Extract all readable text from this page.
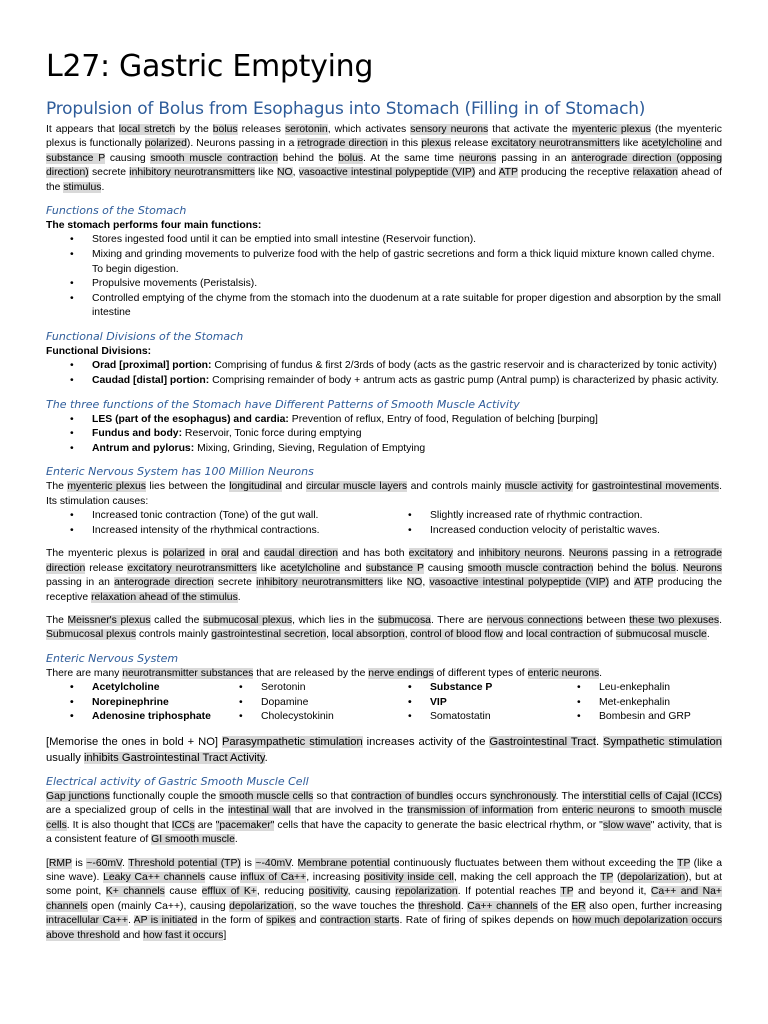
L27: Gastric Emptying
Propulsion of Bolus from Esophagus into Stomach (Filling in of Stomach)

It appears that local stretch by the bolus releases serotonin, which activates sensory neurons that activate the myenteric plexus (the myenteric plexus is functionally polarized). Neurons passing in a retrograde direction in this plexus release excitatory neurotransmitters like acetylcholine and substance P causing smooth muscle contraction behind the bolus. At the same time neurons passing in an anterograde direction (opposing direction) secrete inhibitory neurotransmitters like NO, vasoactive intestinal polypeptide (VIP) and ATP producing the receptive relaxation ahead of the stimulus.

Functions of the Stomach
The stomach performs four main functions:
• Stores ingested food until it can be emptied into small intestine (Reservoir function).
• Mixing and grinding movements to pulverize food with the help of gastric secretions and form a thick liquid mixture known called chyme. To begin digestion.
• Propulsive movements (Peristalsis).
• Controlled emptying of the chyme from the stomach into the duodenum at a rate suitable for proper digestion and absorption by the small intestine
Functional Divisions of the Stomach
Functional Divisions:
• Orad [proximal] portion: Comprising of fundus & first 2/3rds of body (acts as the gastric reservoir and is characterized by tonic activity)
• Caudad [distal] portion: Comprising remainder of body + antrum acts as gastric pump (Antral pump) is characterized by phasic activity.
The three functions of the Stomach have Different Patterns of Smooth Muscle Activity
• LES (part of the esophagus) and cardia: Prevention of reflux, Entry of food, Regulation of belching [burping]
• Fundus and body: Reservoir, Tonic force during emptying
• Antrum and pylorus: Mixing, Grinding, Sieving, Regulation of Emptying
Enteric Nervous System has 100 Million Neurons

The myenteric plexus lies between the longitudinal and circular muscle layers and controls mainly muscle activity for gastrointestinal movements. Its stimulation causes:

• Increased tonic contraction (Tone) of the gut wall.
• Increased intensity of the rhythmical contractions.
• Slightly increased rate of rhythmic contraction.
• Increased conduction velocity of peristaltic waves.

The myenteric plexus is polarized in oral and caudal direction and has both excitatory and inhibitory neurons. Neurons passing in a retrograde direction release excitatory neurotransmitters like acetylcholine and substance P causing smooth muscle contraction behind the bolus. Neurons passing in an anterograde direction secrete inhibitory neurotransmitters like NO, vasoactive intestinal polypeptide (VIP) and ATP producing the receptive relaxation ahead of the stimulus.

The Meissner's plexus called the submucosal plexus, which lies in the submucosa. There are nervous connections between these two plexuses. Submucosal plexus controls mainly gastrointestinal secretion, local absorption, control of blood flow and local contraction of submucosal muscle.

Enteric Nervous System

There are many neurotransmitter substances that are released by the nerve endings of different types of enteric neurons.

• Acetylcholine
• Norepinephrine
• Adenosine triphosphate
• Serotonin
• Dopamine
• Cholecystokinin
• Substance P
• VIP
• Somatostatin
• Leu-enkephalin
• Met-enkephalin
• Bombesin and GRP

[Memorise the ones in bold + NO] Parasympathetic stimulation increases activity of the Gastrointestinal Tract. Sympathetic stimulation usually inhibits Gastrointestinal Tract Activity.

Electrical activity of Gastric Smooth Muscle Cell

Gap junctions functionally couple the smooth muscle cells so that contraction of bundles occurs synchronously. The interstitial cells of Cajal (ICCs) are a specialized group of cells in the intestinal wall that are involved in the transmission of information from enteric neurons to smooth muscle cells. It is also thought that ICCs are "pacemaker" cells that have the capacity to generate the basic electrical rhythm, or "slow wave" activity, that is a consistent feature of GI smooth muscle.

[RMP is ~-60mV. Threshold potential (TP) is ~-40mV. Membrane potential continuously fluctuates between them without exceeding the TP (like a sine wave). Leaky Ca++ channels cause influx of Ca++, increasing positivity inside cell, making the cell approach the TP (depolarization), but at some point, K+ channels cause efflux of K+, reducing positivity, causing repolarization. If potential reaches TP and beyond it, Ca++ and Na+ channels open (mainly Ca++), causing depolarization, so the wave touches the threshold. Ca++ channels of the ER also open, further increasing intracellular Ca++. AP is initiated in the form of spikes and contraction starts. Rate of firing of spikes depends on how much depolarization occurs above threshold and how fast it occurs]
